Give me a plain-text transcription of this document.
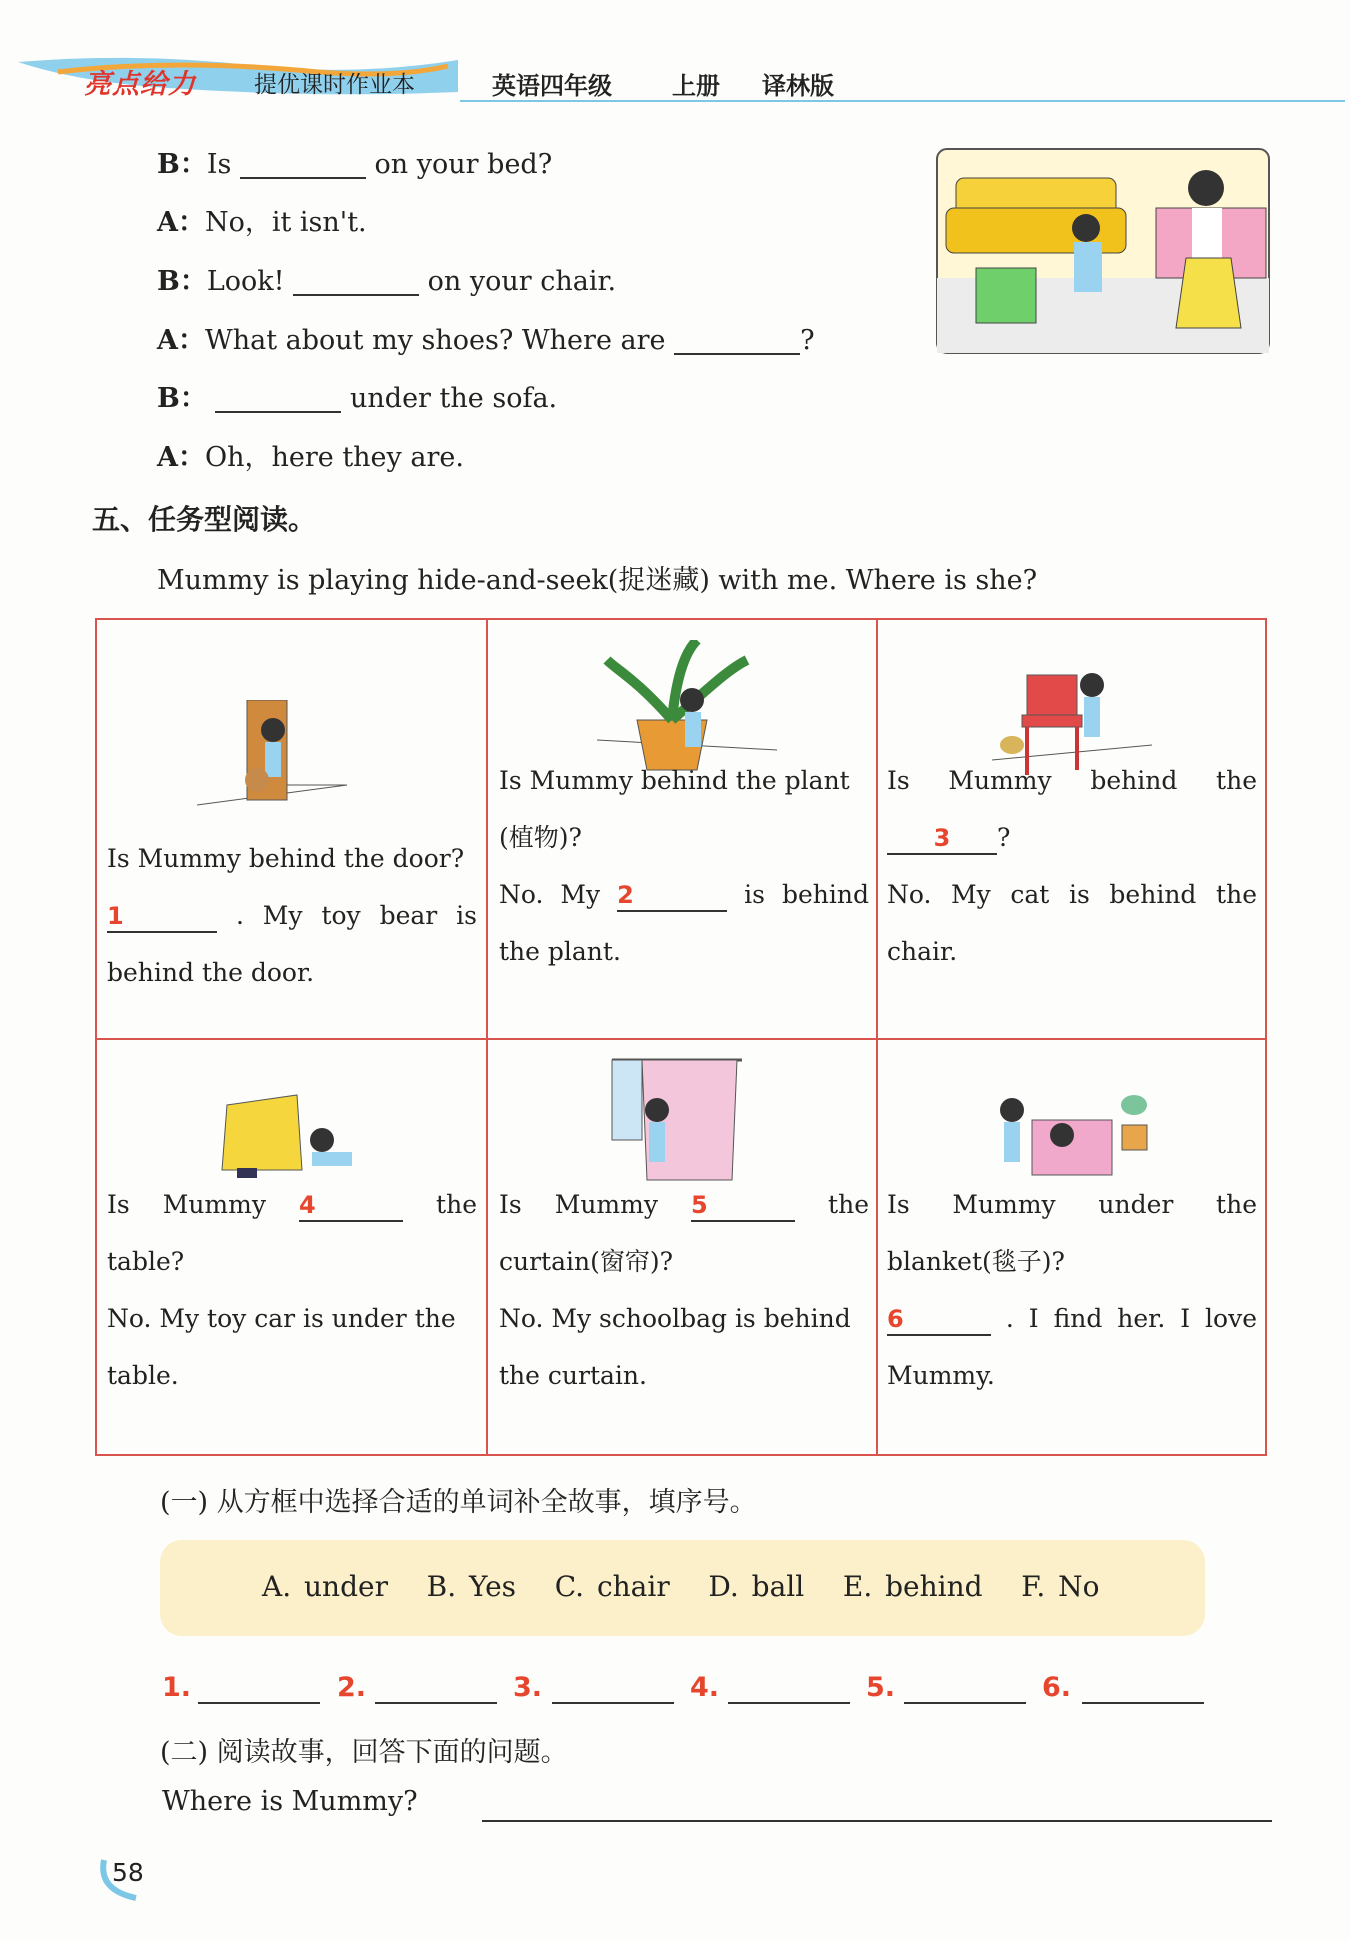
亮点给力	提优课时作业本	英语四年级	上册 译林版
B：Is	on your bed?
A：No，it isn't.
B：Look!	on your chair.
A：What about my shoes? Where are	?
B：	under the sofa.
A：Oh，here they are.
五、任务型阅读。
Mummy is playing hide-and-seek(捉迷藏) with me. Where is she?
Is Mummy behind the door?
1	. My toy bear is
behind the door.
Is Mummy behind the plant
(植物)?
No. My 2	is behind
the plant.
Is Mummy behind the
3 ?
No. My cat is behind the
chair.
Is Mummy 4	the
table?
No. My toy car is under the
table.
Is Mummy 5	the
curtain(窗帘)?
No. My schoolbag is behind
the curtain.
Is Mummy under the
blanket(毯子)?
6	. I find her. I love
Mummy.
(一) 从方框中选择合适的单词补全故事，填序号。
A. under   B. Yes   C. chair   D. ball   E. behind   F. No
1.	2.	3.	4.	5.	6.
(二) 阅读故事，回答下面的问题。
Where is Mummy?
58
